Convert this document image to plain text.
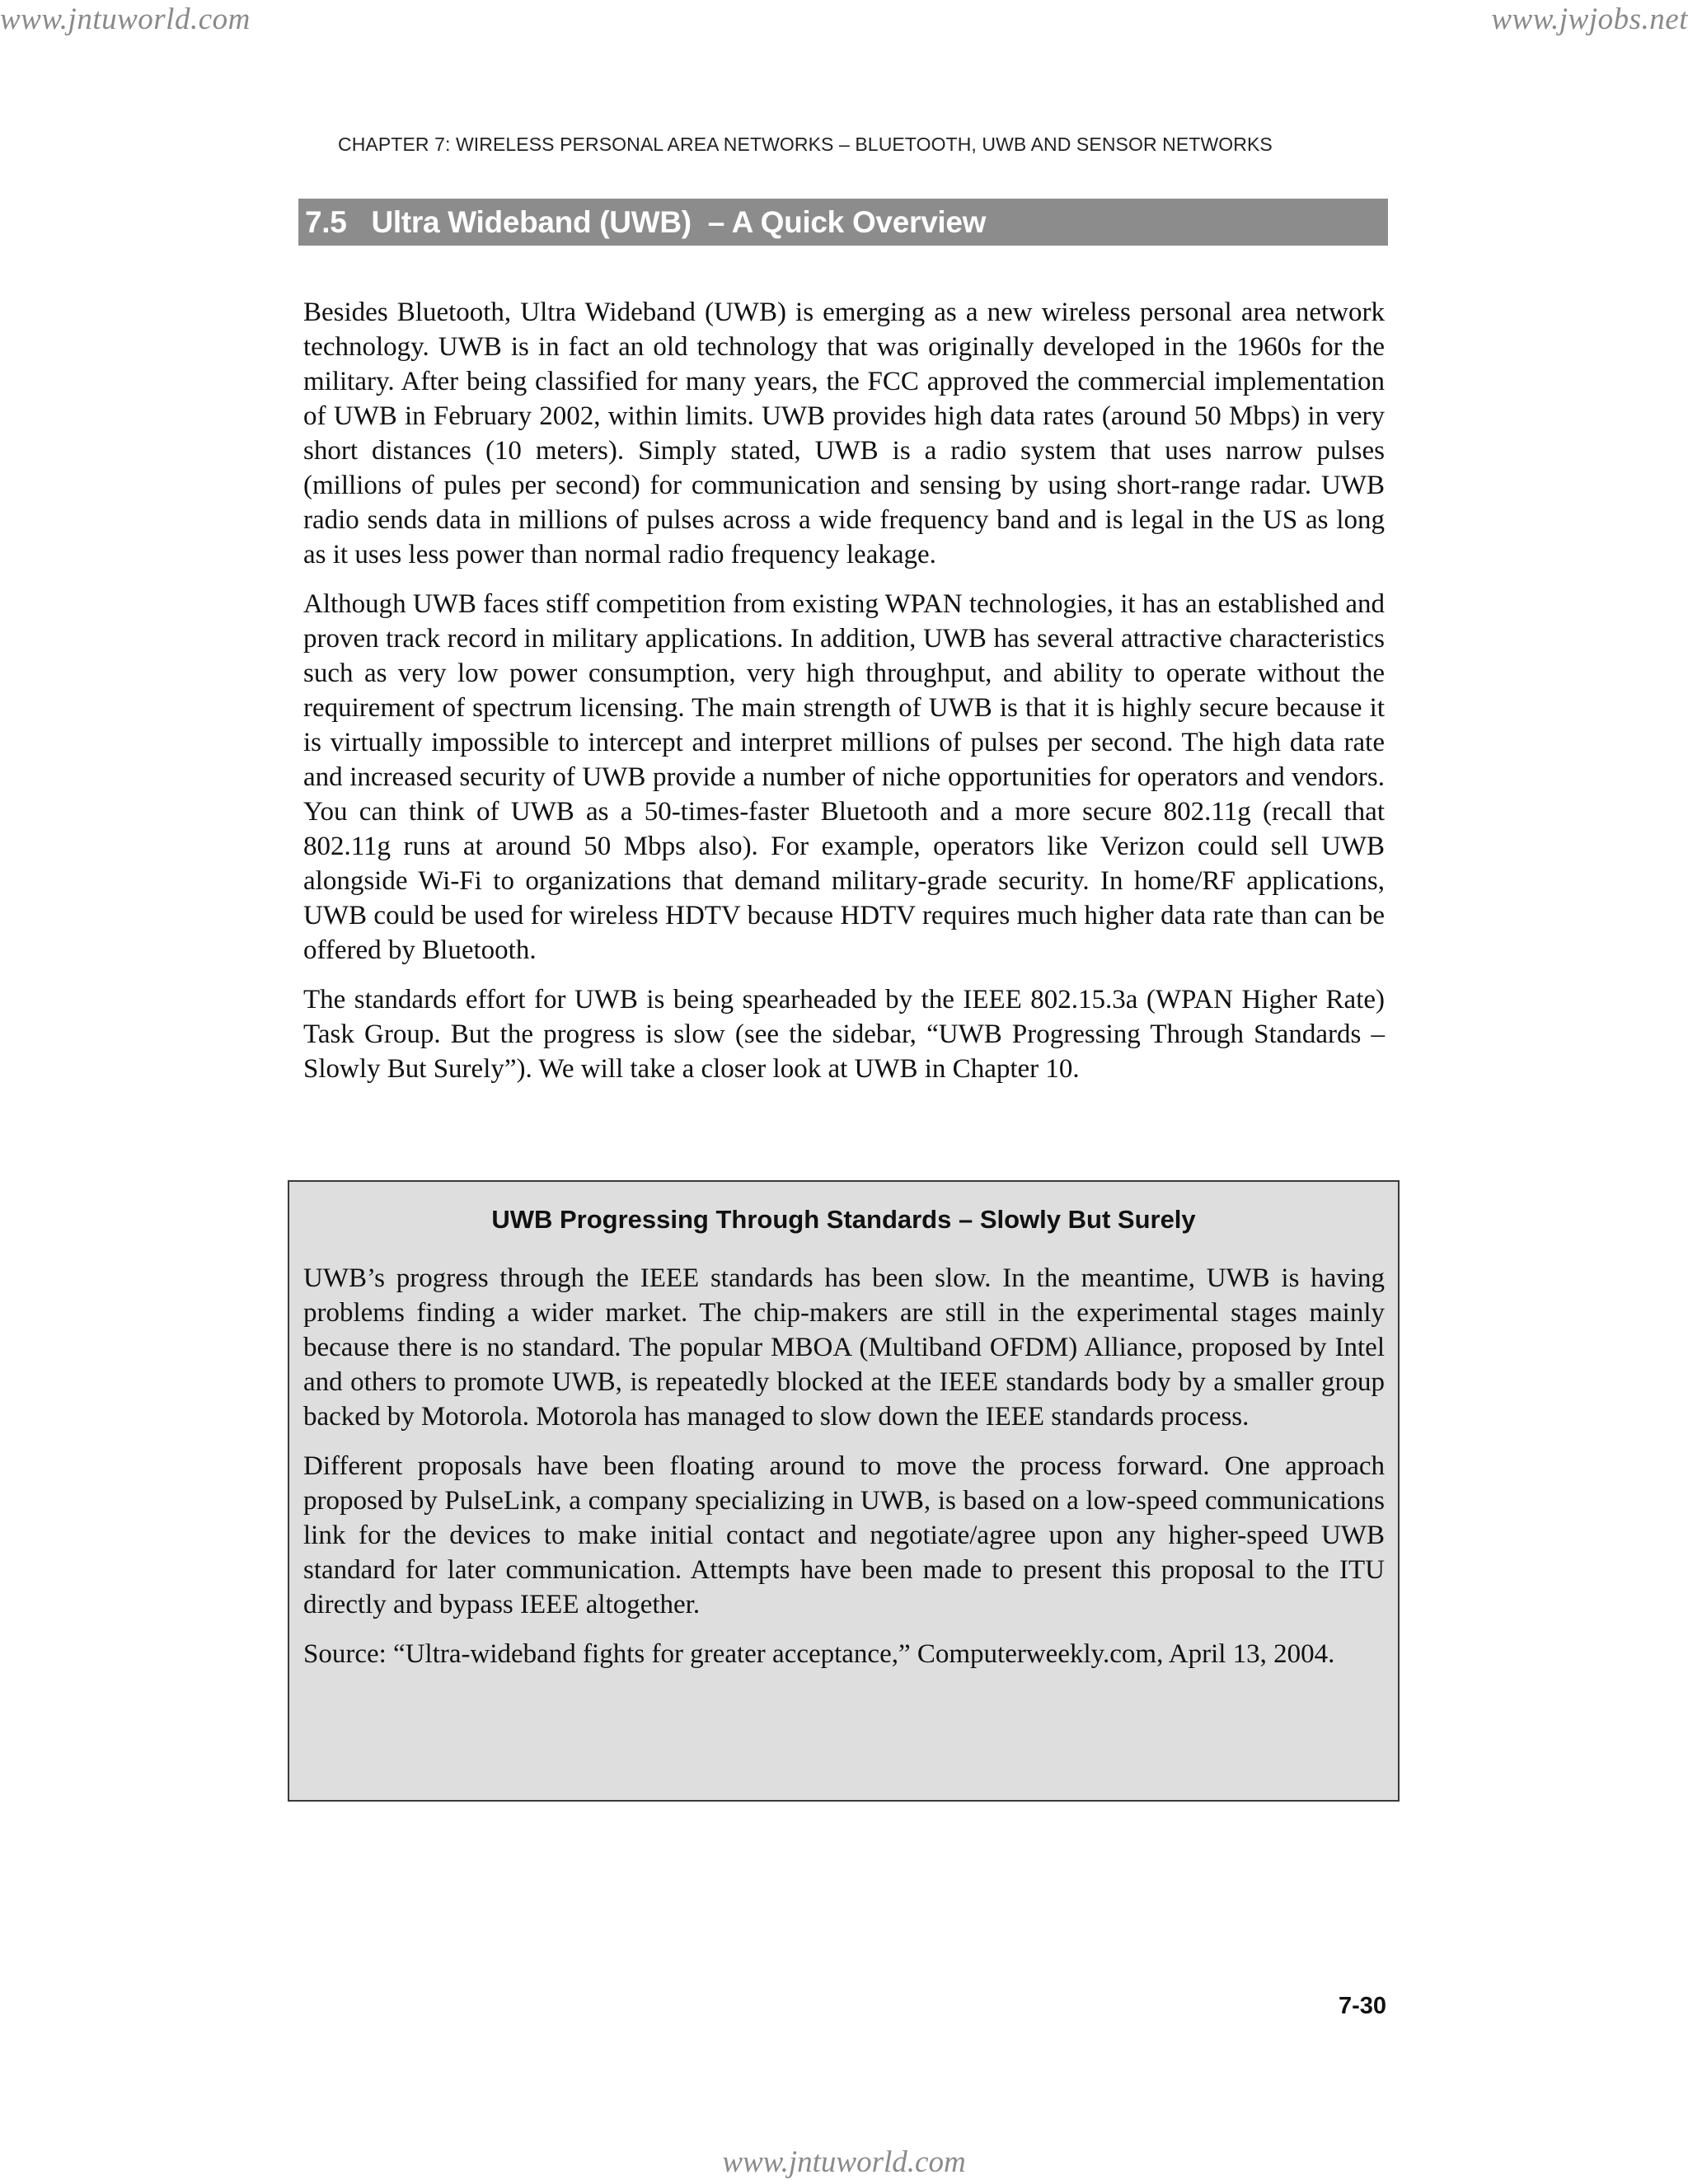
www.jntuworld.com	www.jwjobs.net
CHAPTER 7: WIRELESS PERSONAL AREA NETWORKS – BLUETOOTH, UWB AND SENSOR NETWORKS
7.5   Ultra Wideband (UWB)  – A Quick Overview

Besides Bluetooth, Ultra Wideband (UWB) is emerging as a new wireless personal area network technology. UWB is in fact an old technology that was originally developed in the 1960s for the military. After being classified for many years, the FCC approved the commercial implementation of UWB in February 2002, within limits. UWB provides high data rates (around 50 Mbps) in very short distances (10 meters). Simply stated, UWB is a radio system that uses narrow pulses (millions of pules per second) for communication and sensing by using short-range radar. UWB radio sends data in millions of pulses across a wide frequency band and is legal in the US as long as it uses less power than normal radio frequency leakage.

Although UWB faces stiff competition from existing WPAN technologies, it has an established and proven track record in military applications. In addition, UWB has several attractive characteristics such as very low power consumption, very high throughput, and ability to operate without the requirement of spectrum licensing. The main strength of UWB is that it is highly secure because it is virtually impossible to intercept and interpret millions of pulses per second. The high data rate and increased security of UWB provide a number of niche opportunities for operators and vendors. You can think of UWB as a 50-times-faster Bluetooth and a more secure 802.11g (recall that 802.11g runs at around 50 Mbps also). For example, operators like Verizon could sell UWB alongside Wi-Fi to organizations that demand military-grade security. In home/RF applications, UWB could be used for wireless HDTV because HDTV requires much higher data rate than can be offered by Bluetooth.

The standards effort for UWB is being spearheaded by the IEEE 802.15.3a (WPAN Higher Rate) Task Group. But the progress is slow (see the sidebar, “UWB Progressing Through Standards – Slowly But Surely”). We will take a closer look at UWB in Chapter 10.

UWB Progressing Through Standards – Slowly But Surely

UWB’s progress through the IEEE standards has been slow. In the meantime, UWB is having problems finding a wider market. The chip-makers are still in the experimental stages mainly because there is no standard. The popular MBOA (Multiband OFDM) Alliance, proposed by Intel and others to promote UWB, is repeatedly blocked at the IEEE standards body by a smaller group backed by Motorola. Motorola has managed to slow down the IEEE standards process.

Different proposals have been floating around to move the process forward. One approach proposed by PulseLink, a company specializing in UWB, is based on a low-speed communications link for the devices to make initial contact and negotiate/agree upon any higher-speed UWB standard for later communication. Attempts have been made to present this proposal to the ITU directly and bypass IEEE altogether.

Source: “Ultra-wideband fights for greater acceptance,” Computerweekly.com, April 13, 2004.

7-30
www.jntuworld.com
